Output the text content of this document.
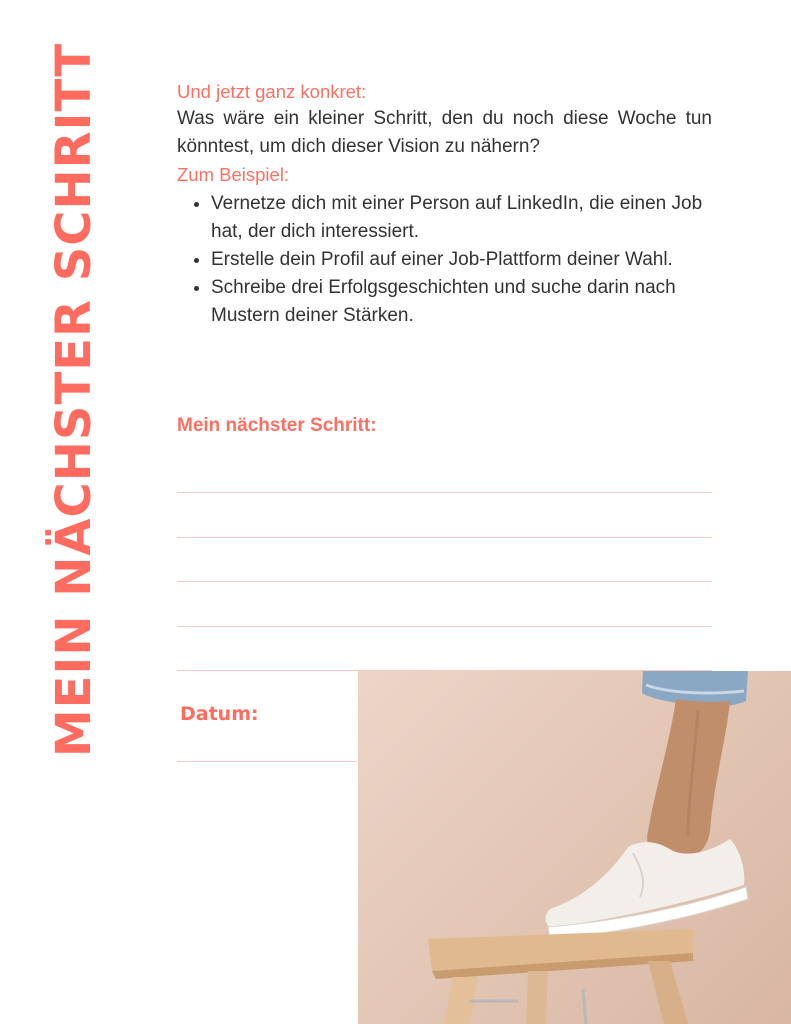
MEIN NÄCHSTER SCHRITT	Und jetzt ganz konkret:
Was wäre ein kleiner Schritt, den du noch diese Woche tun könntest, um dich dieser Vision zu nähern?
Zum Beispiel:
• Vernetze dich mit einer Person auf LinkedIn, die einen Job hat, der dich interessiert.
• Erstelle dein Profil auf einer Job-Plattform deiner Wahl.
• Schreibe drei Erfolgsgeschichten und suche darin nach Mustern deiner Stärken.
Mein nächster Schritt:
Datum:
